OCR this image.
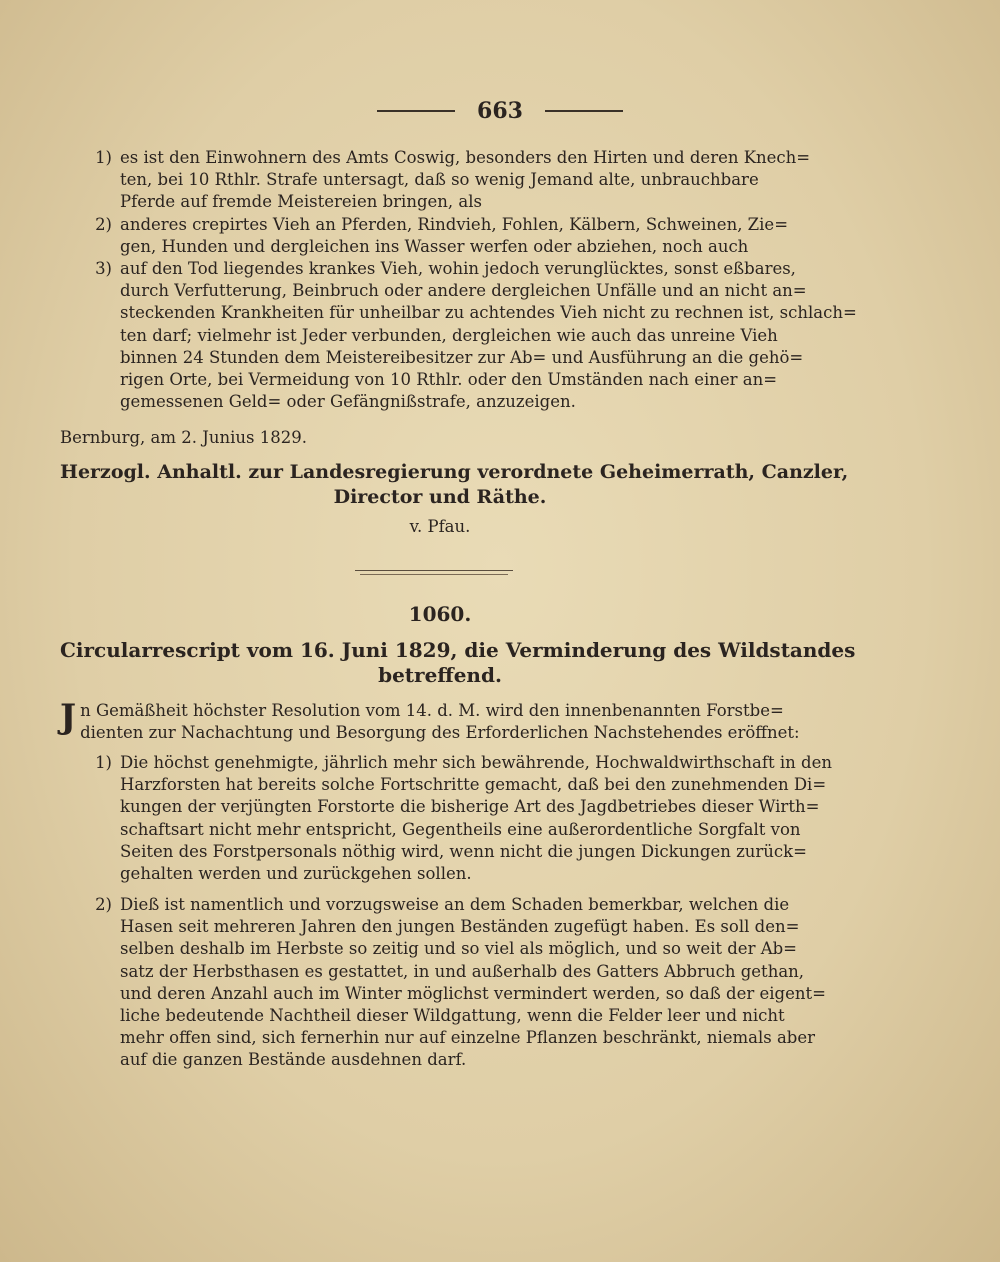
663
1) es ist den Einwohnern des Amts Coswig, besonders den Hirten und deren Knech=
ten, bei 10 Rthlr. Strafe untersagt, daß so wenig Jemand alte, unbrauchbare
Pferde auf fremde Meistereien bringen, als
2) anderes crepirtes Vieh an Pferden, Rindvieh, Fohlen, Kälbern, Schweinen, Zie=
gen, Hunden und dergleichen ins Wasser werfen oder abziehen, noch auch
3) auf den Tod liegendes krankes Vieh, wohin jedoch verunglücktes, sonst eßbares,
durch Verfutterung, Beinbruch oder andere dergleichen Unfälle und an nicht an=
steckenden Krankheiten für unheilbar zu achtendes Vieh nicht zu rechnen ist, schlach=
ten darf; vielmehr ist Jeder verbunden, dergleichen wie auch das unreine Vieh
binnen 24 Stunden dem Meistereibesitzer zur Ab= und Ausführung an die gehö=
rigen Orte, bei Vermeidung von 10 Rthlr. oder den Umständen nach einer an=
gemessenen Geld= oder Gefängnißstrafe, anzuzeigen.
Bernburg, am 2. Junius 1829.
Herzogl. Anhaltl. zur Landesregierung verordnete Geheimerrath, Canzler,
Director und Räthe.
v. Pfau.
1060.
Circularrescript vom 16. Juni 1829, die Verminderung des Wildstandes
betreffend.
J n Gemäßheit höchster Resolution vom 14. d. M. wird den innenbenannten Forstbe=
dienten zur Nachachtung und Besorgung des Erforderlichen Nachstehendes eröffnet:
1) Die höchst genehmigte, jährlich mehr sich bewährende, Hochwaldwirthschaft in den
Harzforsten hat bereits solche Fortschritte gemacht, daß bei den zunehmenden Di=
kungen der verjüngten Forstorte die bisherige Art des Jagdbetriebes dieser Wirth=
schaftsart nicht mehr entspricht, Gegentheils eine außerordentliche Sorgfalt von
Seiten des Forstpersonals nöthig wird, wenn nicht die jungen Dickungen zurück=
gehalten werden und zurückgehen sollen.
2) Dieß ist namentlich und vorzugsweise an dem Schaden bemerkbar, welchen die
Hasen seit mehreren Jahren den jungen Beständen zugefügt haben. Es soll den=
selben deshalb im Herbste so zeitig und so viel als möglich, und so weit der Ab=
satz der Herbsthasen es gestattet, in und außerhalb des Gatters Abbruch gethan,
und deren Anzahl auch im Winter möglichst vermindert werden, so daß der eigent=
liche bedeutende Nachtheil dieser Wildgattung, wenn die Felder leer und nicht
mehr offen sind, sich fernerhin nur auf einzelne Pflanzen beschränkt, niemals aber
auf die ganzen Bestände ausdehnen darf.
